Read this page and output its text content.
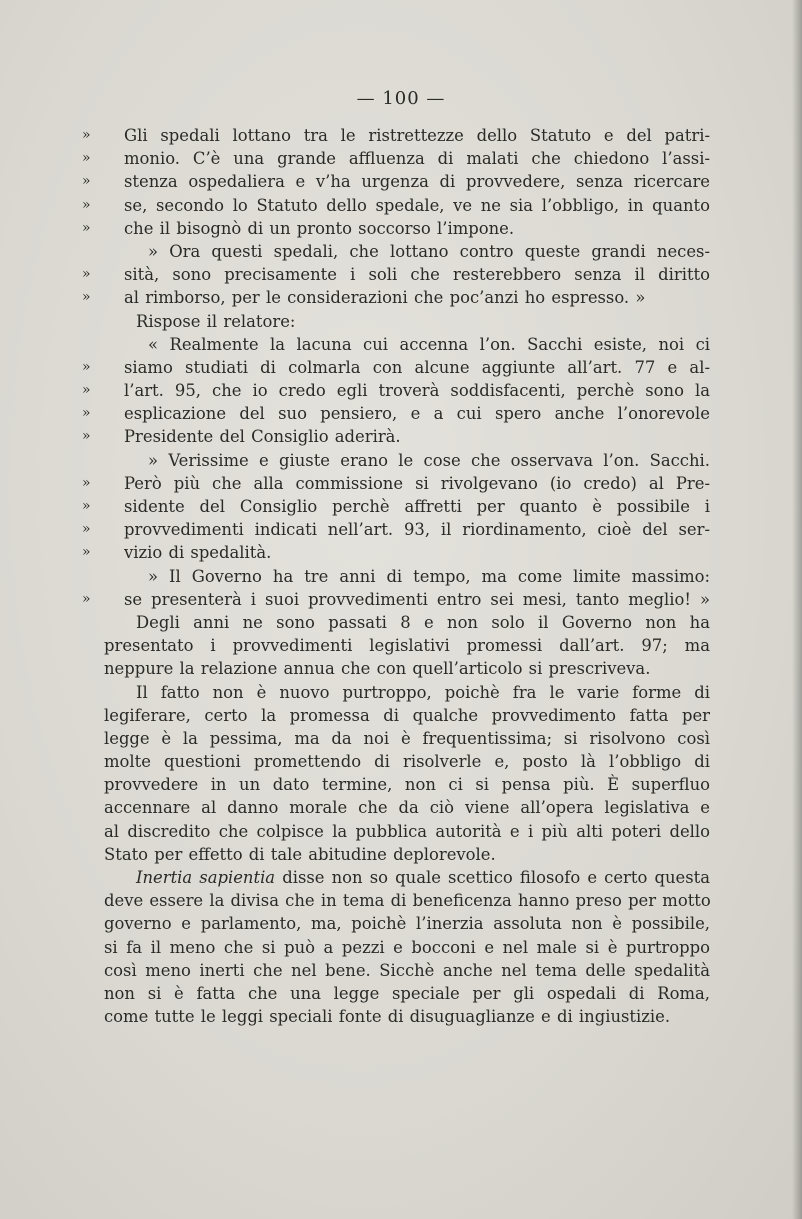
— 100 —
»	Gli spedali lottano tra le ristrettezze dello Statuto e del patri-
»	monio. C’è una grande affluenza di malati che chiedono l’assi-
»	stenza ospedaliera e v’ha urgenza di provvedere, senza ricercare
»	se, secondo lo Statuto dello spedale, ve ne sia l’obbligo, in quanto
»	che il bisognò di un pronto soccorso l’impone.
» Ora questi spedali, che lottano contro queste grandi neces-
»	sità, sono precisamente i soli che resterebbero senza il diritto
»	al rimborso, per le considerazioni che poc’anzi ho espresso. »
Rispose il relatore:
« Realmente la lacuna cui accenna l’on. Sacchi esiste, noi ci
»	siamo studiati di colmarla con alcune aggiunte all’art. 77 e al-
»	l’art. 95, che io credo egli troverà soddisfacenti, perchè sono la
»	esplicazione del suo pensiero, e a cui spero anche l’onorevole
»	Presidente del Consiglio aderirà.
» Verissime e giuste erano le cose che osservava l’on. Sacchi.
»	Però più che alla commissione si rivolgevano (io credo) al Pre-
»	sidente del Consiglio perchè affretti per quanto è possibile i
»	provvedimenti indicati nell’art. 93, il riordinamento, cioè del ser-
»	vizio di spedalità.
» Il Governo ha tre anni di tempo, ma come limite massimo:
»	se presenterà i suoi provvedimenti entro sei mesi, tanto meglio! »
Degli anni ne sono passati 8 e non solo il Governo non ha
presentato i provvedimenti legislativi promessi dall’art. 97; ma
neppure la relazione annua che con quell’articolo si prescriveva.
Il fatto non è nuovo purtroppo, poichè fra le varie forme di
legiferare, certo la promessa di qualche provvedimento fatta per
legge è la pessima, ma da noi è frequentissima; si risolvono così
molte questioni promettendo di risolverle e, posto là l’obbligo di
provvedere in un dato termine, non ci si pensa più. È superfluo
accennare al danno morale che da ciò viene all’opera legislativa e
al discredito che colpisce la pubblica autorità e i più alti poteri dello
Stato per effetto di tale abitudine deplorevole.
Inertia sapientia disse non so quale scettico filosofo e certo questa
deve essere la divisa che in tema di beneficenza hanno preso per motto
governo e parlamento, ma, poichè l’inerzia assoluta non è possibile,
si fa il meno che si può a pezzi e bocconi e nel male si è purtroppo
così meno inerti che nel bene. Sicchè anche nel tema delle spedalità
non si è fatta che una legge speciale per gli ospedali di Roma,
come tutte le leggi speciali fonte di disuguaglianze e di ingiustizie.
